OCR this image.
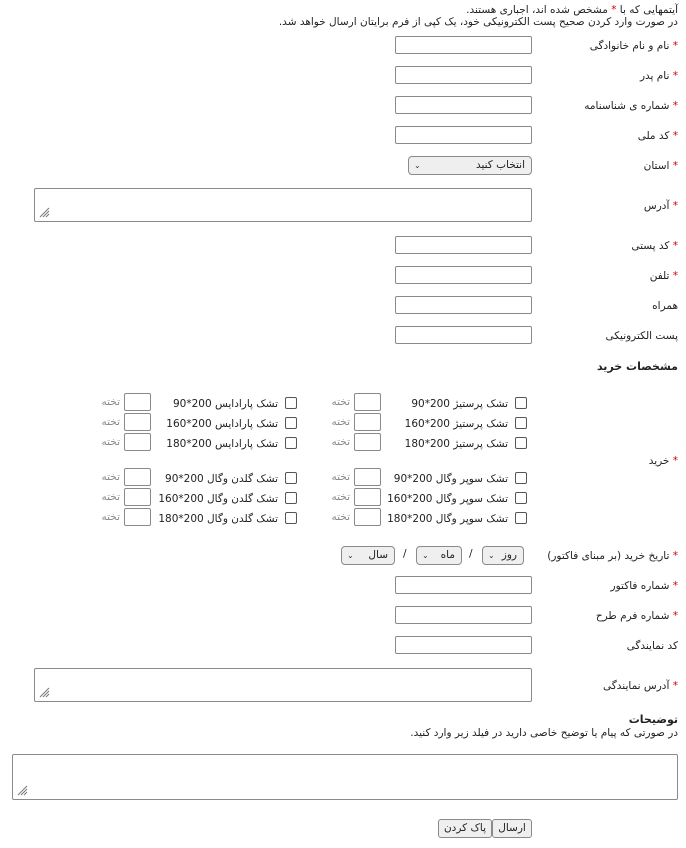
آیتمهایی که با * مشخص شده اند، اجباری هستند.
در صورت وارد کردن صحیح پست الکترونیکی خود، یک کپی از فرم برایتان ارسال خواهد شد.
* نام و نام خانوادگی
* نام پدر
* شماره ی شناسنامه
* کد ملی
* استان
انتخاب کنید
⌄
* آدرس
* کد پستی
* تلفن
همراه
پست الکترونیکی
مشخصات خرید
* خرید
تشک پرستیژ 200*90
تخته
تشک پرستیژ 200*160
تخته
تشک پرستیژ 200*180
تخته
تشک سوپر وگال 200*90
تخته
تشک سوپر وگال 200*160
تخته
تشک سوپر وگال 200*180
تخته
تشک پارادایس 200*90
تخته
تشک پارادایس 200*160
تخته
تشک پارادایس 200*180
تخته
تشک گلدن وگال 200*90
تخته
تشک گلدن وگال 200*160
تخته
تشک گلدن وگال 200*180
تخته
* تاریخ خرید (بر مبنای فاکتور)
روز
⌄
/
ماه
⌄
/
سال
⌄
* شماره فاکتور
* شماره فرم طرح
کد نمایندگی
* آدرس نمایندگی
توضیحات
در صورتی که پیام یا توضیح خاصی دارید در فیلد زیر وارد کنید.
ارسال
پاک کردن
